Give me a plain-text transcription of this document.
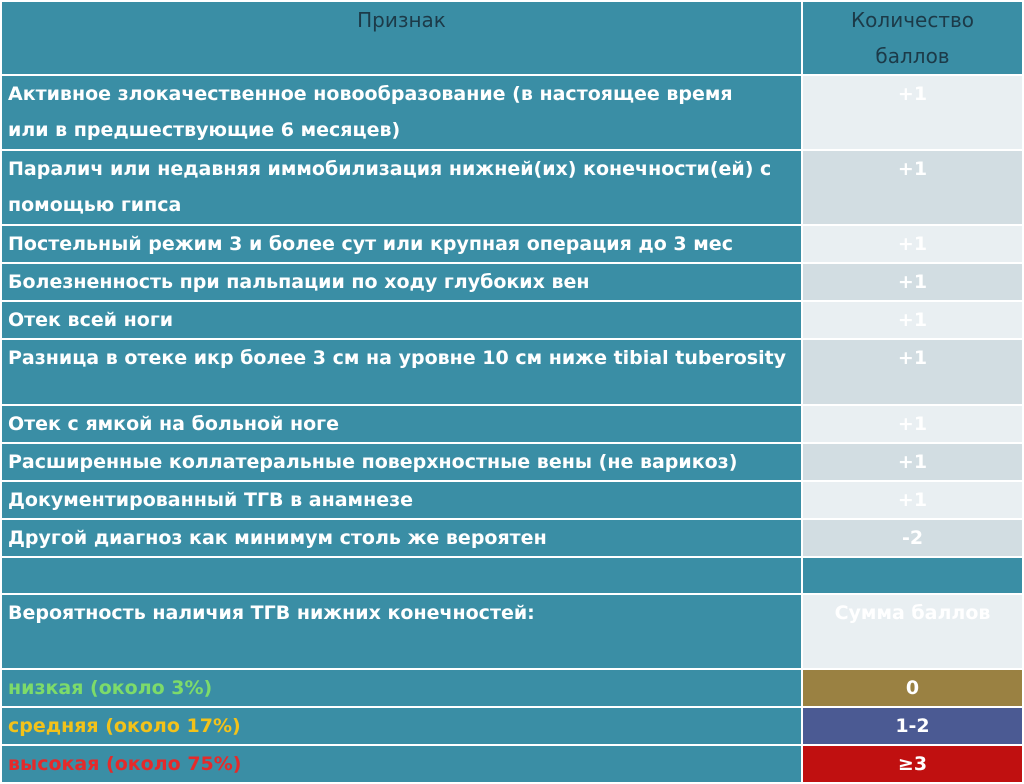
Признак	Количество
баллов
Активное злокачественное новообразование (в настоящее время
или в предшествующие 6 месяцев)	+1
Паралич или недавняя иммобилизация нижней(их) конечности(ей) с
помощью гипса	+1
Постельный режим 3 и более сут или крупная операция до 3 мес	+1
Болезненность при пальпации по ходу глубоких вен	+1
Отек всей ноги	+1
Разница в отеке икр более 3 см на уровне 10 см ниже tibial tuberosity	+1
Отек с ямкой на больной ноге	+1
Расширенные коллатеральные поверхностные вены (не варикоз)	+1
Документированный ТГВ в анамнезе	+1
Другой диагноз как минимум столь же вероятен	-2

Вероятность наличия ТГВ нижних конечностей:	Сумма баллов
низкая (около 3%)	0
средняя (около 17%)	1-2
высокая (около 75%)	≥3
